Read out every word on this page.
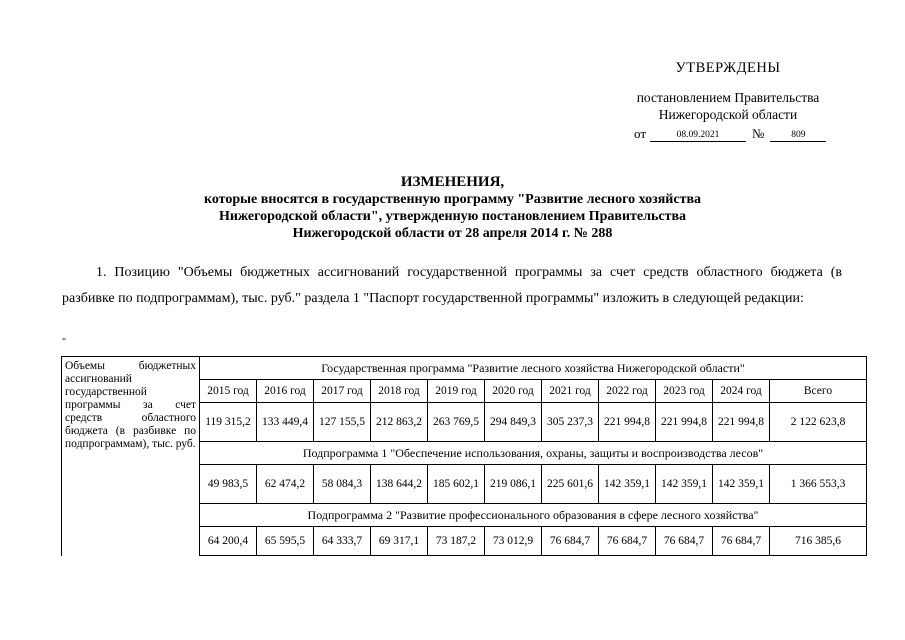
УТВЕРЖДЕНЫ
постановлением Правительства
Нижегородской области
от	08.09.2021	№	809
ИЗМЕНЕНИЯ,
которые вносятся в государственную программу "Развитие лесного хозяйства
Нижегородской области", утвержденную постановлением Правительства
Нижегородской области от 28 апреля 2014 г. № 288
1. Позицию "Объемы бюджетных ассигнований государственной программы за счет средств областного бюджета (в разбивке по подпрограммам), тыс. руб." раздела 1 "Паспорт государственной программы" изложить в следующей редакции:
"
Объемы бюджетных ассигнований государственной программы за счет средств областного бюджета (в разбивке по подпрограммам), тыс. руб.	Государственная программа "Развитие лесного хозяйства Нижегородской области"										
	2015 год	2016 год	2017 год	2018 год	2019 год	2020 год	2021 год	2022 год	2023 год	2024 год	Всего
	119 315,2	133 449,4	127 155,5	212 863,2	263 769,5	294 849,3	305 237,3	221 994,8	221 994,8	221 994,8	2 122 623,8
	Подпрограмма 1 "Обеспечение использования, охраны, защиты и воспроизводства лесов"										
	49 983,5	62 474,2	58 084,3	138 644,2	185 602,1	219 086,1	225 601,6	142 359,1	142 359,1	142 359,1	1 366 553,3
	Подпрограмма 2 "Развитие профессионального образования в сфере лесного хозяйства"										
	64 200,4	65 595,5	64 333,7	69 317,1	73 187,2	73 012,9	76 684,7	76 684,7	76 684,7	76 684,7	716 385,6
